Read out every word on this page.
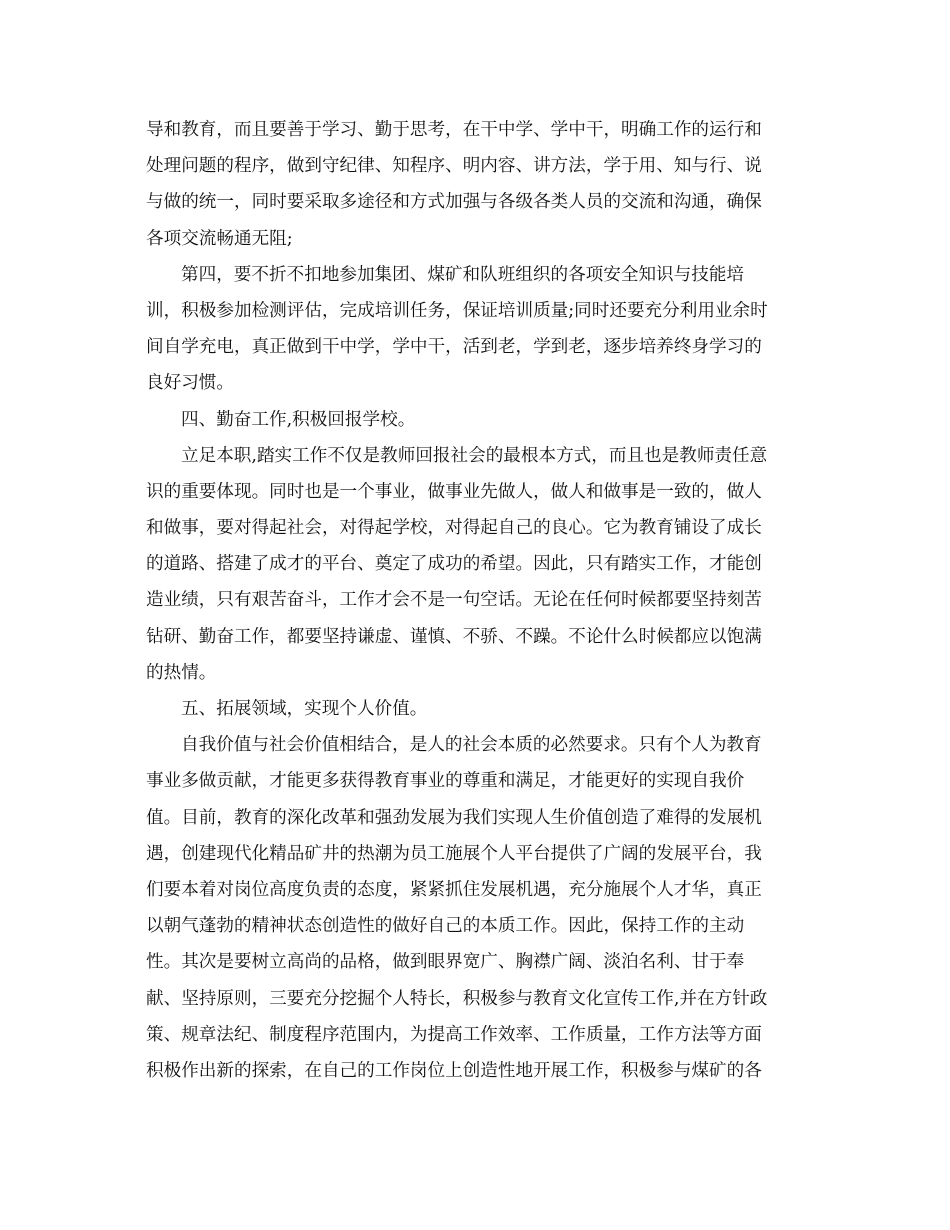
导和教育，而且要善于学习、勤于思考，在干中学、学中干，明确工作的运行和
处理问题的程序，做到守纪律、知程序、明内容、讲方法，学于用、知与行、说
与做的统一，同时要采取多途径和方式加强与各级各类人员的交流和沟通，确保
各项交流畅通无阻;
第四，要不折不扣地参加集团、煤矿和队班组织的各项安全知识与技能培
训，积极参加检测评估，完成培训任务，保证培训质量;同时还要充分利用业余时
间自学充电，真正做到干中学，学中干，活到老，学到老，逐步培养终身学习的
良好习惯。
四、勤奋工作,积极回报学校。
立足本职,踏实工作不仅是教师回报社会的最根本方式，而且也是教师责任意
识的重要体现。同时也是一个事业，做事业先做人，做人和做事是一致的，做人
和做事，要对得起社会，对得起学校，对得起自己的良心。它为教育铺设了成长
的道路、搭建了成才的平台、奠定了成功的希望。因此，只有踏实工作，才能创
造业绩，只有艰苦奋斗，工作才会不是一句空话。无论在任何时候都要坚持刻苦
钻研、勤奋工作，都要坚持谦虚、谨慎、不骄、不躁。不论什么时候都应以饱满
的热情。
五、拓展领域，实现个人价值。
自我价值与社会价值相结合，是人的社会本质的必然要求。只有个人为教育
事业多做贡献，才能更多获得教育事业的尊重和满足，才能更好的实现自我价
值。目前，教育的深化改革和强劲发展为我们实现人生价值创造了难得的发展机
遇，创建现代化精品矿井的热潮为员工施展个人平台提供了广阔的发展平台，我
们要本着对岗位高度负责的态度，紧紧抓住发展机遇，充分施展个人才华，真正
以朝气蓬勃的精神状态创造性的做好自己的本质工作。因此，保持工作的主动
性。其次是要树立高尚的品格，做到眼界宽广、胸襟广阔、淡泊名利、甘于奉
献、坚持原则，三要充分挖掘个人特长，积极参与教育文化宣传工作,并在方针政
策、规章法纪、制度程序范围内，为提高工作效率、工作质量，工作方法等方面
积极作出新的探索，在自己的工作岗位上创造性地开展工作，积极参与煤矿的各
